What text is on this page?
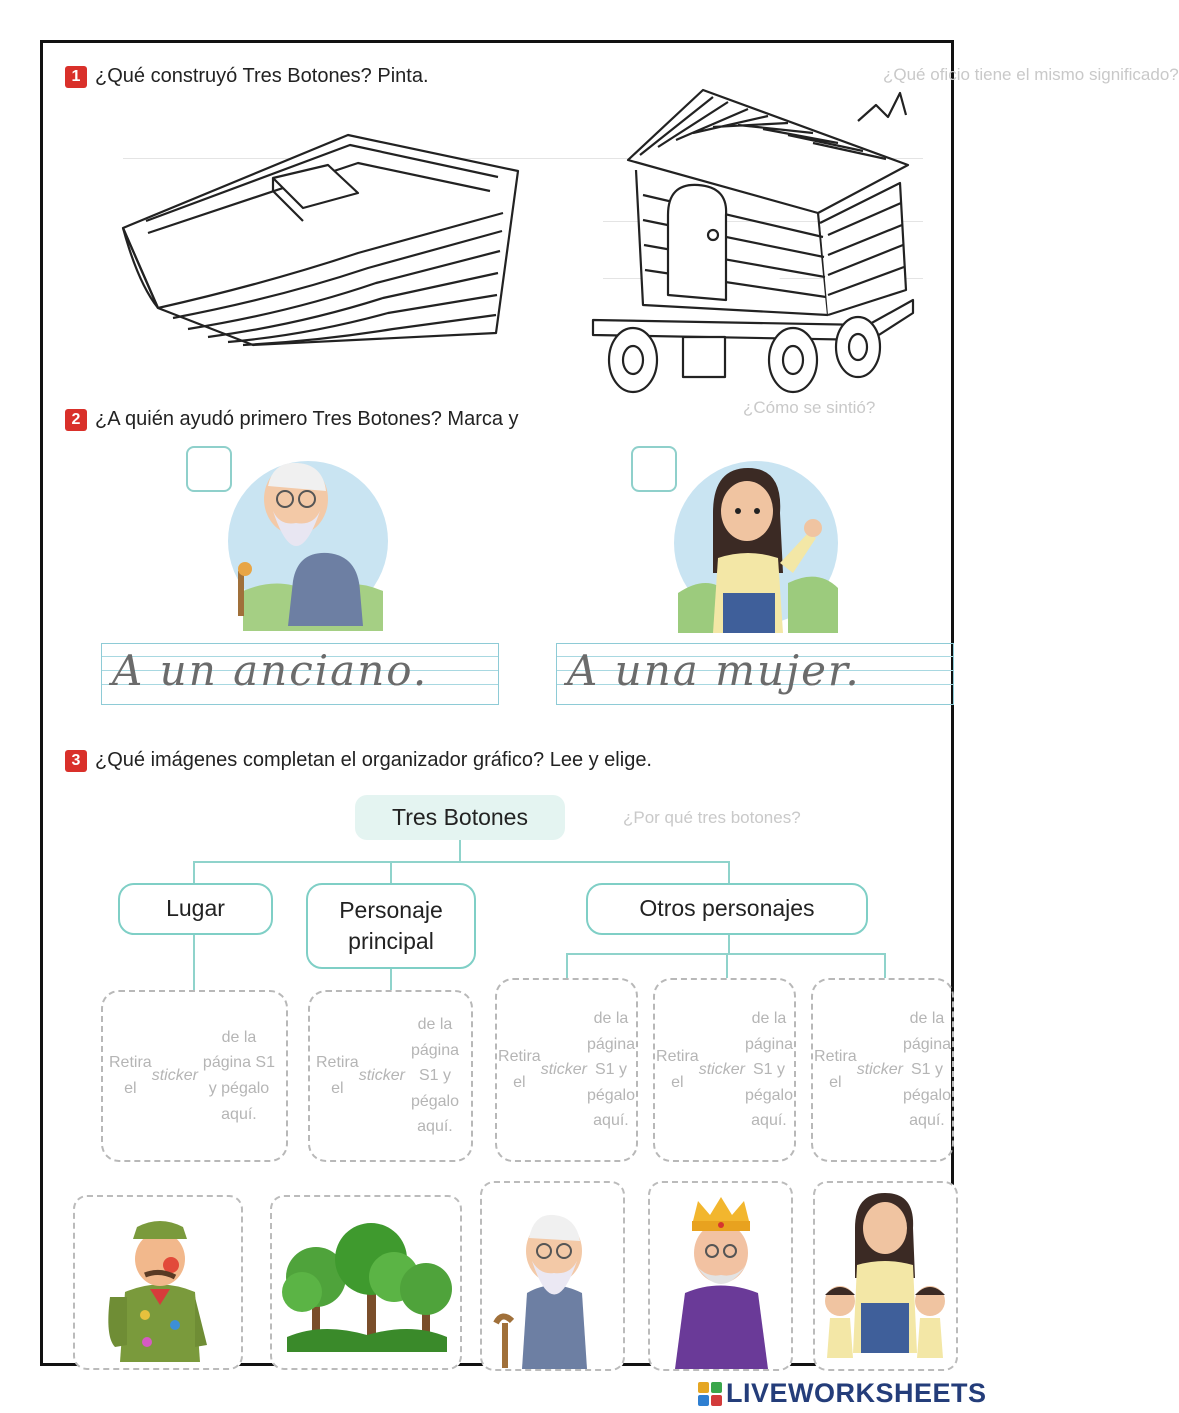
¿Qué oficio tiene el mismo significado?
¿Cómo se sintió?
¿Por qué tres botones?
1 ¿Qué construyó Tres Botones? Pinta.
2 ¿A quién ayudó primero Tres Botones? Marca y
A un anciano.	A una mujer.
3 ¿Qué imágenes completan el organizador gráfico? Lee y elige.
Tres Botones
Lugar	Personaje principal
Otros personajes
Retira el
sticker
de la página S1 y pégalo aquí.
Retira el
sticker
de la página S1 y pégalo aquí.
Retira el
sticker
de la página S1 y pégalo aquí.
Retira el
sticker
de la página S1 y pégalo aquí.
Retira el
sticker
de la página S1 y pégalo aquí.
LIVEWORKSHEETS
